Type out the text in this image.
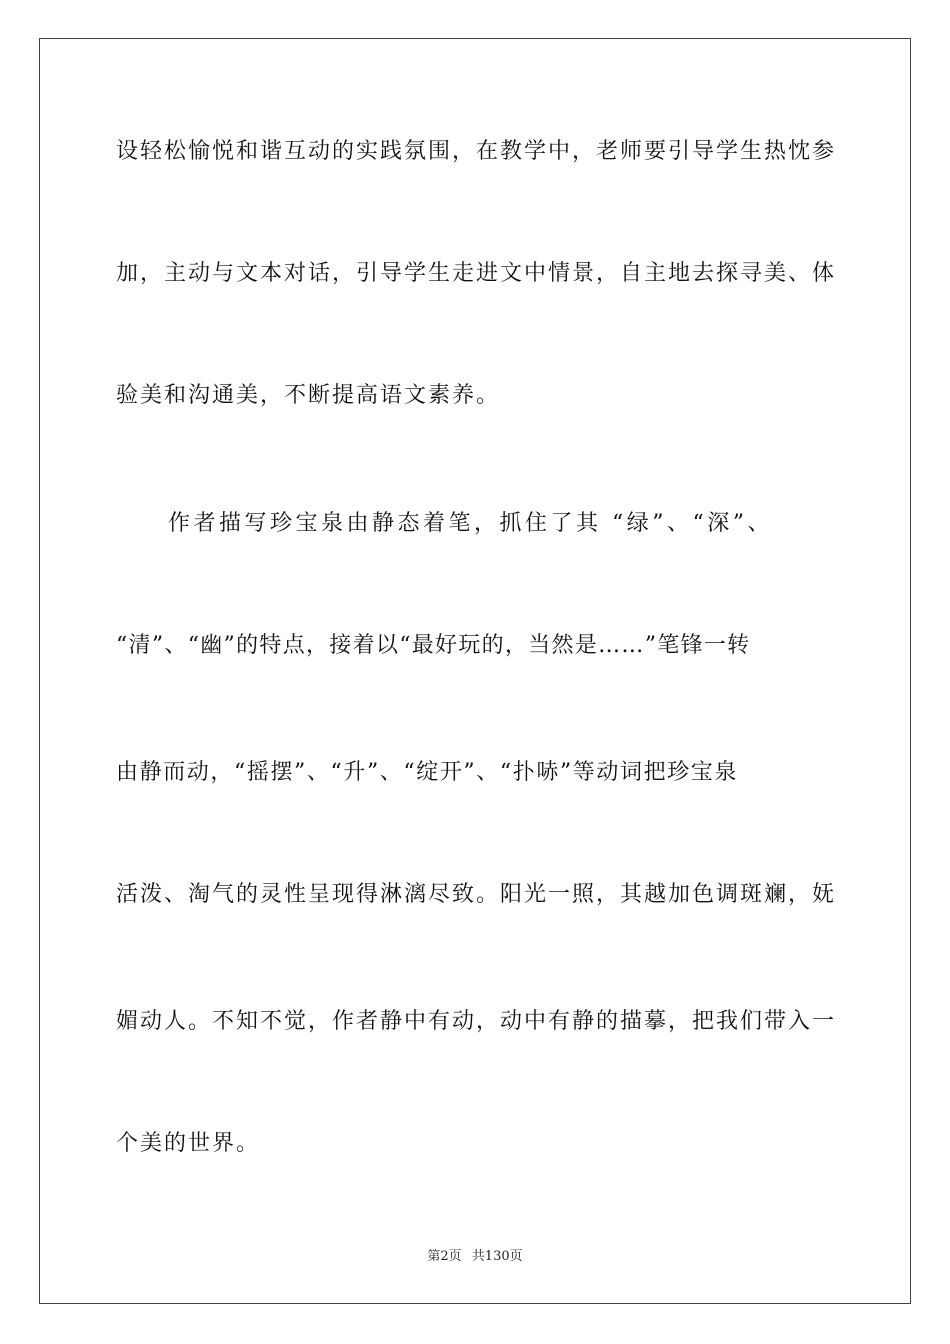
设轻松愉悦和谐互动的实践氛围，在教学中，老师要引导学生热忱参

加，主动与文本对话，引导学生走进文中情景，自主地去探寻美、体

验美和沟通美，不断提高语文素养。

作者描写珍宝泉由静态着笔，抓住了其 “绿”、“深”、

“清”、“幽”的特点，接着以“最好玩的，当然是……”笔锋一转

由静而动，“摇摆”、“升”、“绽开”、“扑哧”等动词把珍宝泉

活泼、淘气的灵性呈现得淋漓尽致。阳光一照，其越加色调斑斓，妩

媚动人。不知不觉，作者静中有动，动中有静的描摹，把我们带入一

个美的世界。

第2页 共130页
